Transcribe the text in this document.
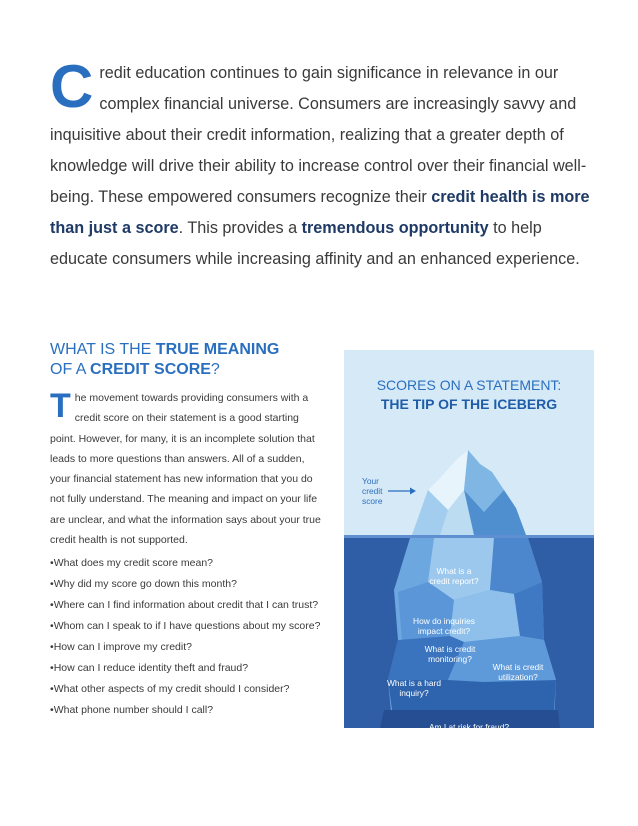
Credit education continues to gain significance in relevance in our complex financial universe. Consumers are increasingly savvy and inquisitive about their credit information, realizing that a greater depth of knowledge will drive their ability to increase control over their financial well-being. These empowered consumers recognize their credit health is more than just a score. This provides a tremendous opportunity to help educate consumers while increasing affinity and an enhanced experience.
WHAT IS THE TRUE MEANING
OF A CREDIT SCORE?
The movement towards providing consumers with a credit score on their statement is a good starting point. However, for many, it is an incomplete solution that leads to more questions than answers. All of a sudden, your financial statement has new information that you do not fully understand. The meaning and impact on your life are unclear, and what the information says about your true credit health is not supported.
• What does my credit score mean?
• Why did my score go down this month?
• Where can I find information about credit that I can trust?
• Whom can I speak to if I have questions about my score?
• How can I improve my credit?
• How can I reduce identity theft and fraud?
• What other aspects of my credit should I consider?
• What phone number should I call?
SCORES ON A STATEMENT:
THE TIP OF THE ICEBERG
Your credit score
What is a credit report?
How do inquiries impact credit?
What is credit monitoring?
What is a hard inquiry?
What is credit utilization?
Am I at risk for fraud?
